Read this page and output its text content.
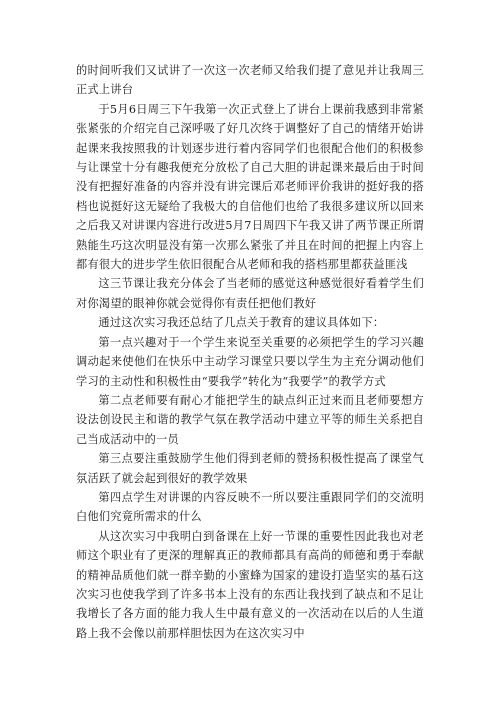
的时间听我们又试讲了一次这一次老师又给我们提了意见并让我周三正式上讲台

于5月6日周三下午我第一次正式登上了讲台上课前我感到非常紧张紧张的介绍完自己深呼吸了好几次终于调整好了自己的情绪开始讲起课来我按照我的计划逐步进行着内容同学们也很配合他们的积极参与让课堂十分有趣我便充分放松了自己大胆的讲起课来最后由于时间没有把握好准备的内容并没有讲完课后邓老师评价我讲的挺好我的搭档也说挺好这无疑给了我极大的自信他们也给了我很多建议所以回来之后我又对讲课内容进行改进5月7日周四下午我又讲了两节课正所谓熟能生巧这次明显没有第一次那么紧张了并且在时间的把握上内容上都有很大的进步学生依旧很配合从老师和我的搭档那里都获益匪浅

这三节课让我充分体会了当老师的感觉这种感觉很好看着学生们对你渴望的眼神你就会觉得你有责任把他们教好

通过这次实习我还总结了几点关于教育的建议具体如下：

第一点兴趣对于一个学生来说至关重要的必须把学生的学习兴趣调动起来使他们在快乐中主动学习课堂只要以学生为主充分调动他们学习的主动性和积极性由“要我学”转化为“我要学”的教学方式

第二点老师要有耐心才能把学生的缺点纠正过来而且老师要想方设法创设民主和谐的教学气氛在教学活动中建立平等的师生关系把自己当成活动中的一员

第三点要注重鼓励学生他们得到老师的赞扬积极性提高了课堂气氛活跃了就会起到很好的教学效果

第四点学生对讲课的内容反映不一所以要注重跟同学们的交流明白他们究竟所需求的什么

从这次实习中我明白到备课在上好一节课的重要性因此我也对老师这个职业有了更深的理解真正的教师都具有高尚的师德和勇于奉献的精神品质他们就一群辛勤的小蜜蜂为国家的建设打造坚实的基石这次实习也使我学到了许多书本上没有的东西让我找到了缺点和不足让我增长了各方面的能力我人生中最有意义的一次活动在以后的人生道路上我不会像以前那样胆怯因为在这次实习中
